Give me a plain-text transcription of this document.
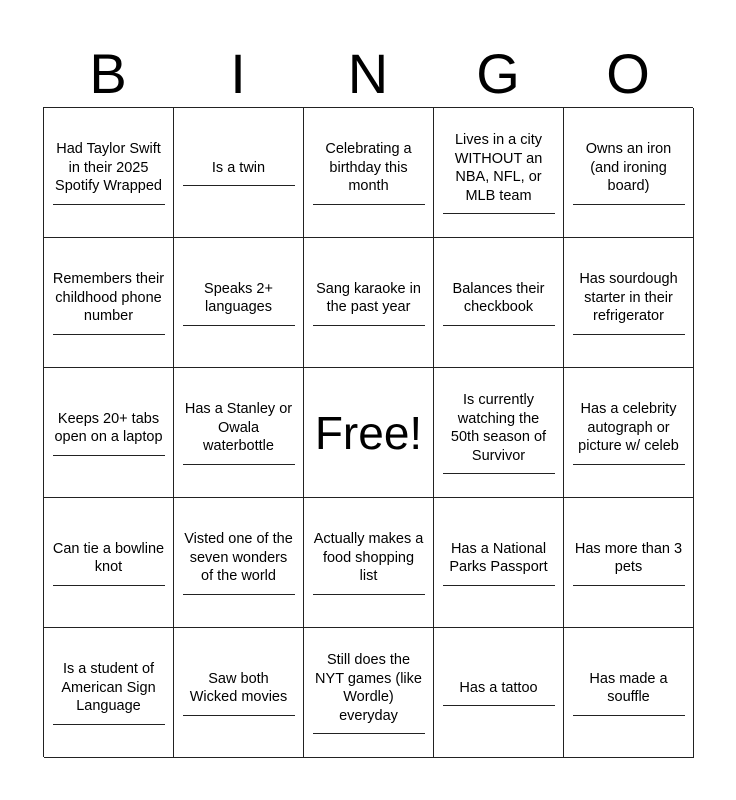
B	I	N	G	O
Had Taylor Swift in their 2025 Spotify Wrapped
Is a twin
Celebrating a birthday this month
Lives in a city WITHOUT an NBA, NFL, or MLB team
Owns an iron (and ironing board)
Remembers their childhood phone number
Speaks 2+ languages
Sang karaoke in the past year
Balances their checkbook
Has sourdough starter in their refrigerator
Keeps 20+ tabs open on a laptop
Has a Stanley or Owala waterbottle Free!
Is currently watching the 50th season of Survivor
Has a celebrity autograph or picture w/ celeb
Can tie a bowline knot
Visted one of the seven wonders of the world
Actually makes a food shopping list
Has a National Parks Passport
Has more than 3 pets
Is a student of American Sign Language
Saw both Wicked movies
Still does the NYT games (like Wordle) everyday
Has a tattoo
Has made a souffle
